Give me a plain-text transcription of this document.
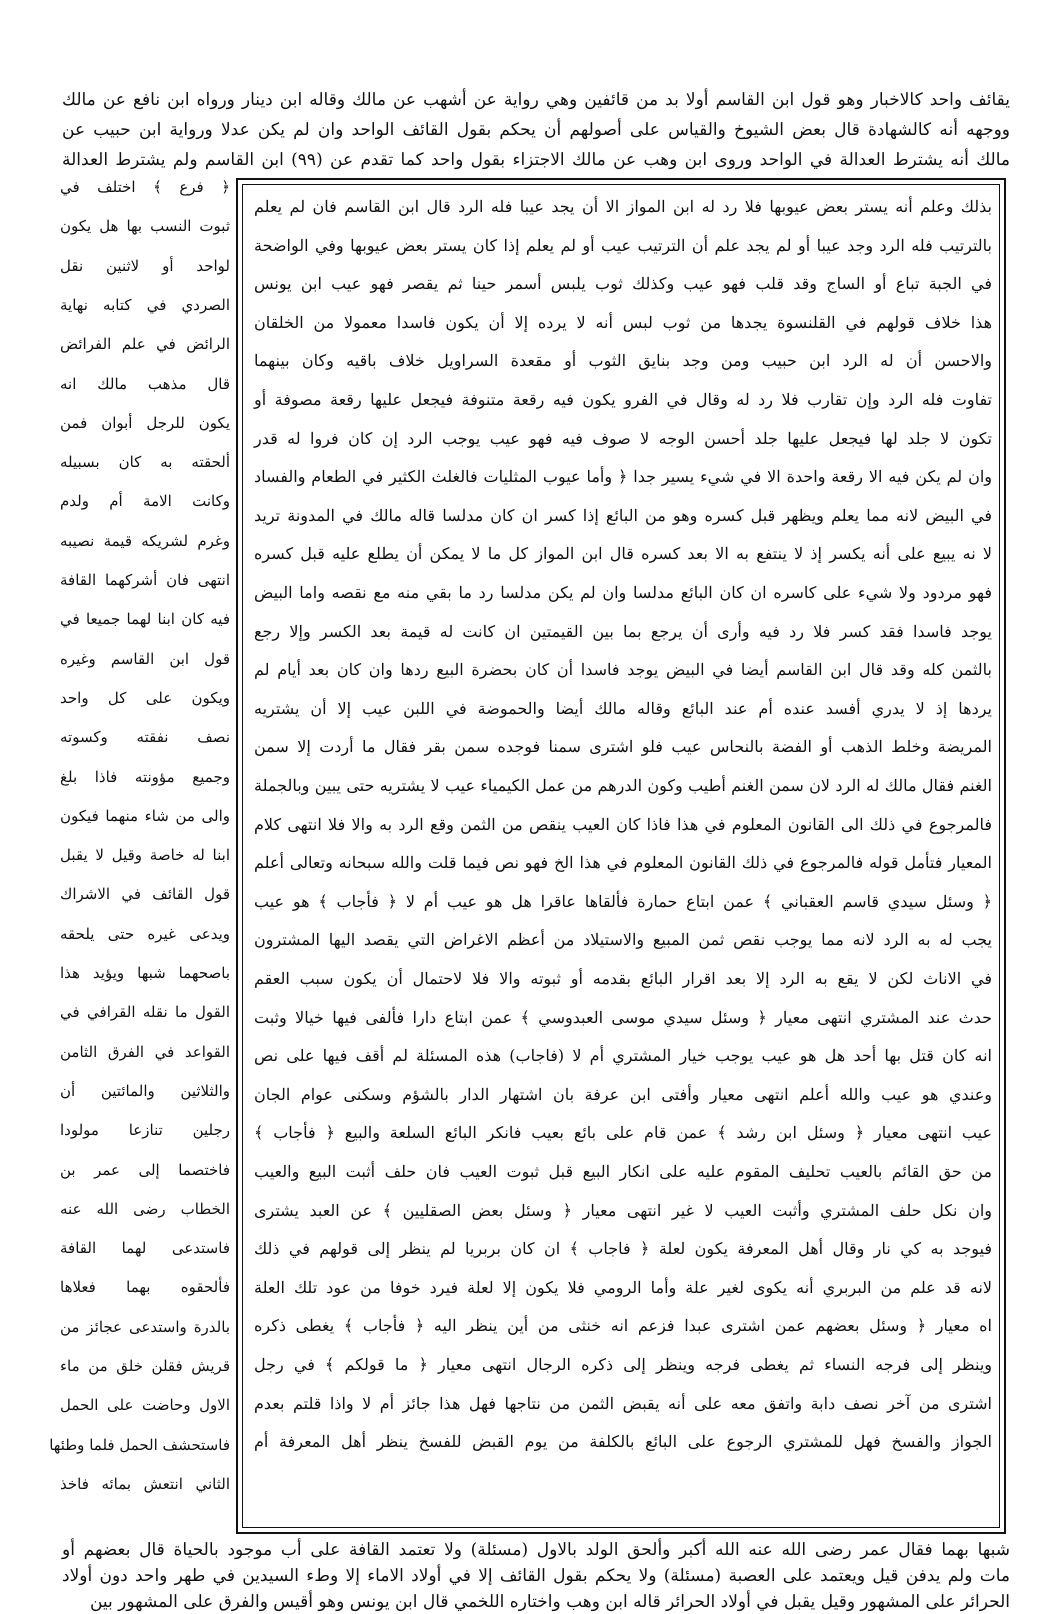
يقائف واحد كالاخبار وهو قول ابن القاسم أولا بد من قائفين وهي رواية عن أشهب عن مالك وقاله ابن دينار ورواه ابن نافع عن مالك
ووجهه أنه كالشهادة قال بعض الشيوخ والقياس على أصولهم أن يحكم بقول القائف الواحد وان لم يكن عدلا ورواية ابن حبيب عن
مالك أنه يشترط العدالة في الواحد وروى ابن وهب عن مالك الاجتزاء بقول واحد كما تقدم عن (٩٩) ابن القاسم ولم يشترط العدالة
بذلك وعلم أنه يستر بعض عيوبها فلا رد له ابن المواز الا أن يجد عيبا فله الرد قال ابن القاسم فان لم يعلم
بالترتيب فله الرد وجد عيبا أو لم يجد علم أن الترتيب عيب أو لم يعلم إذا كان يستر بعض عيوبها وفي الواضحة
في الجبة تباع أو الساج وقد قلب فهو عيب وكذلك ثوب يلبس أسمر حينا ثم يقصر فهو عيب ابن يونس
هذا خلاف قولهم في القلنسوة يجدها من ثوب لبس أنه لا يرده إلا أن يكون فاسدا معمولا من الخلقان
والاحسن أن له الرد ابن حبيب ومن وجد بنايق الثوب أو مقعدة السراويل خلاف باقيه وكان بينهما
تفاوت فله الرد وإن تقارب فلا رد له وقال في الفرو يكون فيه رقعة متنوفة فيجعل عليها رقعة مصوفة أو
تكون لا جلد لها فيجعل عليها جلد أحسن الوجه لا صوف فيه فهو عيب يوجب الرد إن كان فروا له قدر
وان لم يكن فيه الا رقعة واحدة الا في شيء يسير جدا ﴿ وأما عيوب المثليات فالغلث الكثير في الطعام والفساد
في البيض لانه مما يعلم ويظهر قبل كسره وهو من البائع إذا كسر ان كان مدلسا قاله مالك في المدونة تريد
لا نه يبيع على أنه يكسر إذ لا ينتفع به الا بعد كسره قال ابن المواز كل ما لا يمكن أن يطلع عليه قبل كسره
فهو مردود ولا شيء على كاسره ان كان البائع مدلسا وان لم يكن مدلسا رد ما بقي منه مع نقصه واما البيض
يوجد فاسدا فقد كسر فلا رد فيه وأرى أن يرجع بما بين القيمتين ان كانت له قيمة بعد الكسر وإلا رجع
بالثمن كله وقد قال ابن القاسم أيضا في البيض يوجد فاسدا أن كان بحضرة البيع ردها وان كان بعد أيام لم
يردها إذ لا يدري أفسد عنده أم عند البائع وقاله مالك أيضا والحموضة في اللبن عيب إلا أن يشتريه
المريضة وخلط الذهب أو الفضة بالنحاس عيب فلو اشترى سمنا فوجده سمن بقر فقال ما أردت إلا سمن
الغنم فقال مالك له الرد لان سمن الغنم أطيب وكون الدرهم من عمل الكيمياء عيب لا يشتريه حتى يبين وبالجملة
فالمرجوع في ذلك الى القانون المعلوم في هذا فاذا كان العيب ينقص من الثمن وقع الرد به والا فلا انتهى كلام
المعيار فتأمل قوله فالمرجوع في ذلك القانون المعلوم في هذا الخ فهو نص فيما قلت والله سبحانه وتعالى أعلم
﴿ وسئل سيدي قاسم العقباني ﴾ عمن ابتاع حمارة فألقاها عاقرا هل هو عيب أم لا ﴿ فأجاب ﴾ هو عيب
يجب له به الرد لانه مما يوجب نقص ثمن المبيع والاستيلاد من أعظم الاغراض التي يقصد اليها المشترون
في الاناث لكن لا يقع به الرد إلا بعد اقرار البائع بقدمه أو ثبوته والا فلا لاحتمال أن يكون سبب العقم
حدث عند المشتري انتهى معيار ﴿ وسئل سيدي موسى العبدوسي ﴾ عمن ابتاع دارا فألفى فيها خيالا وثبت
انه كان قتل بها أحد هل هو عيب يوجب خيار المشتري أم لا (فاجاب) هذه المسئلة لم أقف فيها على نص
وعندي هو عيب والله أعلم انتهى معيار وأفتى ابن عرفة بان اشتهار الدار بالشؤم وسكنى عوام الجان
عيب انتهى معيار ﴿ وسئل ابن رشد ﴾ عمن قام على بائع بعيب فانكر البائع السلعة والبيع ﴿ فأجاب ﴾
من حق القائم بالعيب تحليف المقوم عليه على انكار البيع قبل ثبوت العيب فان حلف أثبت البيع والعيب
وان نكل حلف المشتري وأثبت العيب لا غير انتهى معيار ﴿ وسئل بعض الصقليين ﴾ عن العبد يشترى
فيوجد به كي نار وقال أهل المعرفة يكون لعلة ﴿ فاجاب ﴾ ان كان بربريا لم ينظر إلى قولهم في ذلك
لانه قد علم من البربري أنه يكوى لغير علة وأما الرومي فلا يكون إلا لعلة فيرد خوفا من عود تلك العلة
اه معيار ﴿ وسئل بعضهم عمن اشترى عبدا فزعم انه خنثى من أين ينظر اليه ﴿ فأجاب ﴾ يغطى ذكره
وينظر إلى فرجه النساء ثم يغطى فرجه وينظر إلى ذكره الرجال انتهى معيار ﴿ ما قولكم ﴾ في رجل
اشترى من آخر نصف دابة واتفق معه على أنه يقبض الثمن من نتاجها فهل هذا جائز أم لا واذا قلتم بعدم
الجواز والفسخ فهل للمشتري الرجوع على البائع بالكلفة من يوم القبض للفسخ ينظر أهل المعرفة أم
﴿ فرع ﴾ اختلف في
ثبوت النسب بها هل يكون
لواحد أو لاثنين نقل
الصردي في كتابه نهاية
الرائض في علم الفرائض
قال مذهب مالك انه
يكون للرجل أبوان فمن
ألحقته به كان بسبيله
وكانت الامة أم ولدم
وغرم لشريكه قيمة نصيبه
انتهى فان أشركهما القافة
فيه كان ابنا لهما جميعا في
قول ابن القاسم وغيره
ويكون على كل واحد
نصف نفقته وكسوته
وجميع مؤونته فاذا بلغ
والى من شاء منهما فيكون
ابنا له خاصة وقيل لا يقبل
قول القائف في الاشراك
ويدعى غيره حتى يلحقه
باصحهما شبها ويؤيد هذا
القول ما نقله القرافي في
القواعد في الفرق الثامن
والثلاثين والمائتين أن
رجلين تنازعا مولودا
فاختصما إلى عمر بن
الخطاب رضى الله عنه
فاستدعى لهما القافة
فألحقوه بهما فعلاها
بالدرة واستدعى عجائز من
قريش فقلن خلق من ماء
الاول وحاضت على الحمل
فاستحشف الحمل فلما وطئها
الثاني انتعش بمائه فاخذ
شبها بهما فقال عمر رضى الله عنه الله أكبر وألحق الولد بالاول (مسئلة) ولا تعتمد القافة على أب موجود بالحياة قال بعضهم أو
مات ولم يدفن قيل ويعتمد على العصبة (مسئلة) ولا يحكم بقول القائف إلا في أولاد الاماء إلا وطء السيدين في طهر واحد دون أولاد
الحرائر على المشهور وقيل يقبل في أولاد الحرائر قاله ابن وهب واختاره اللخمي قال ابن يونس وهو أقيس والفرق على المشهور بين
